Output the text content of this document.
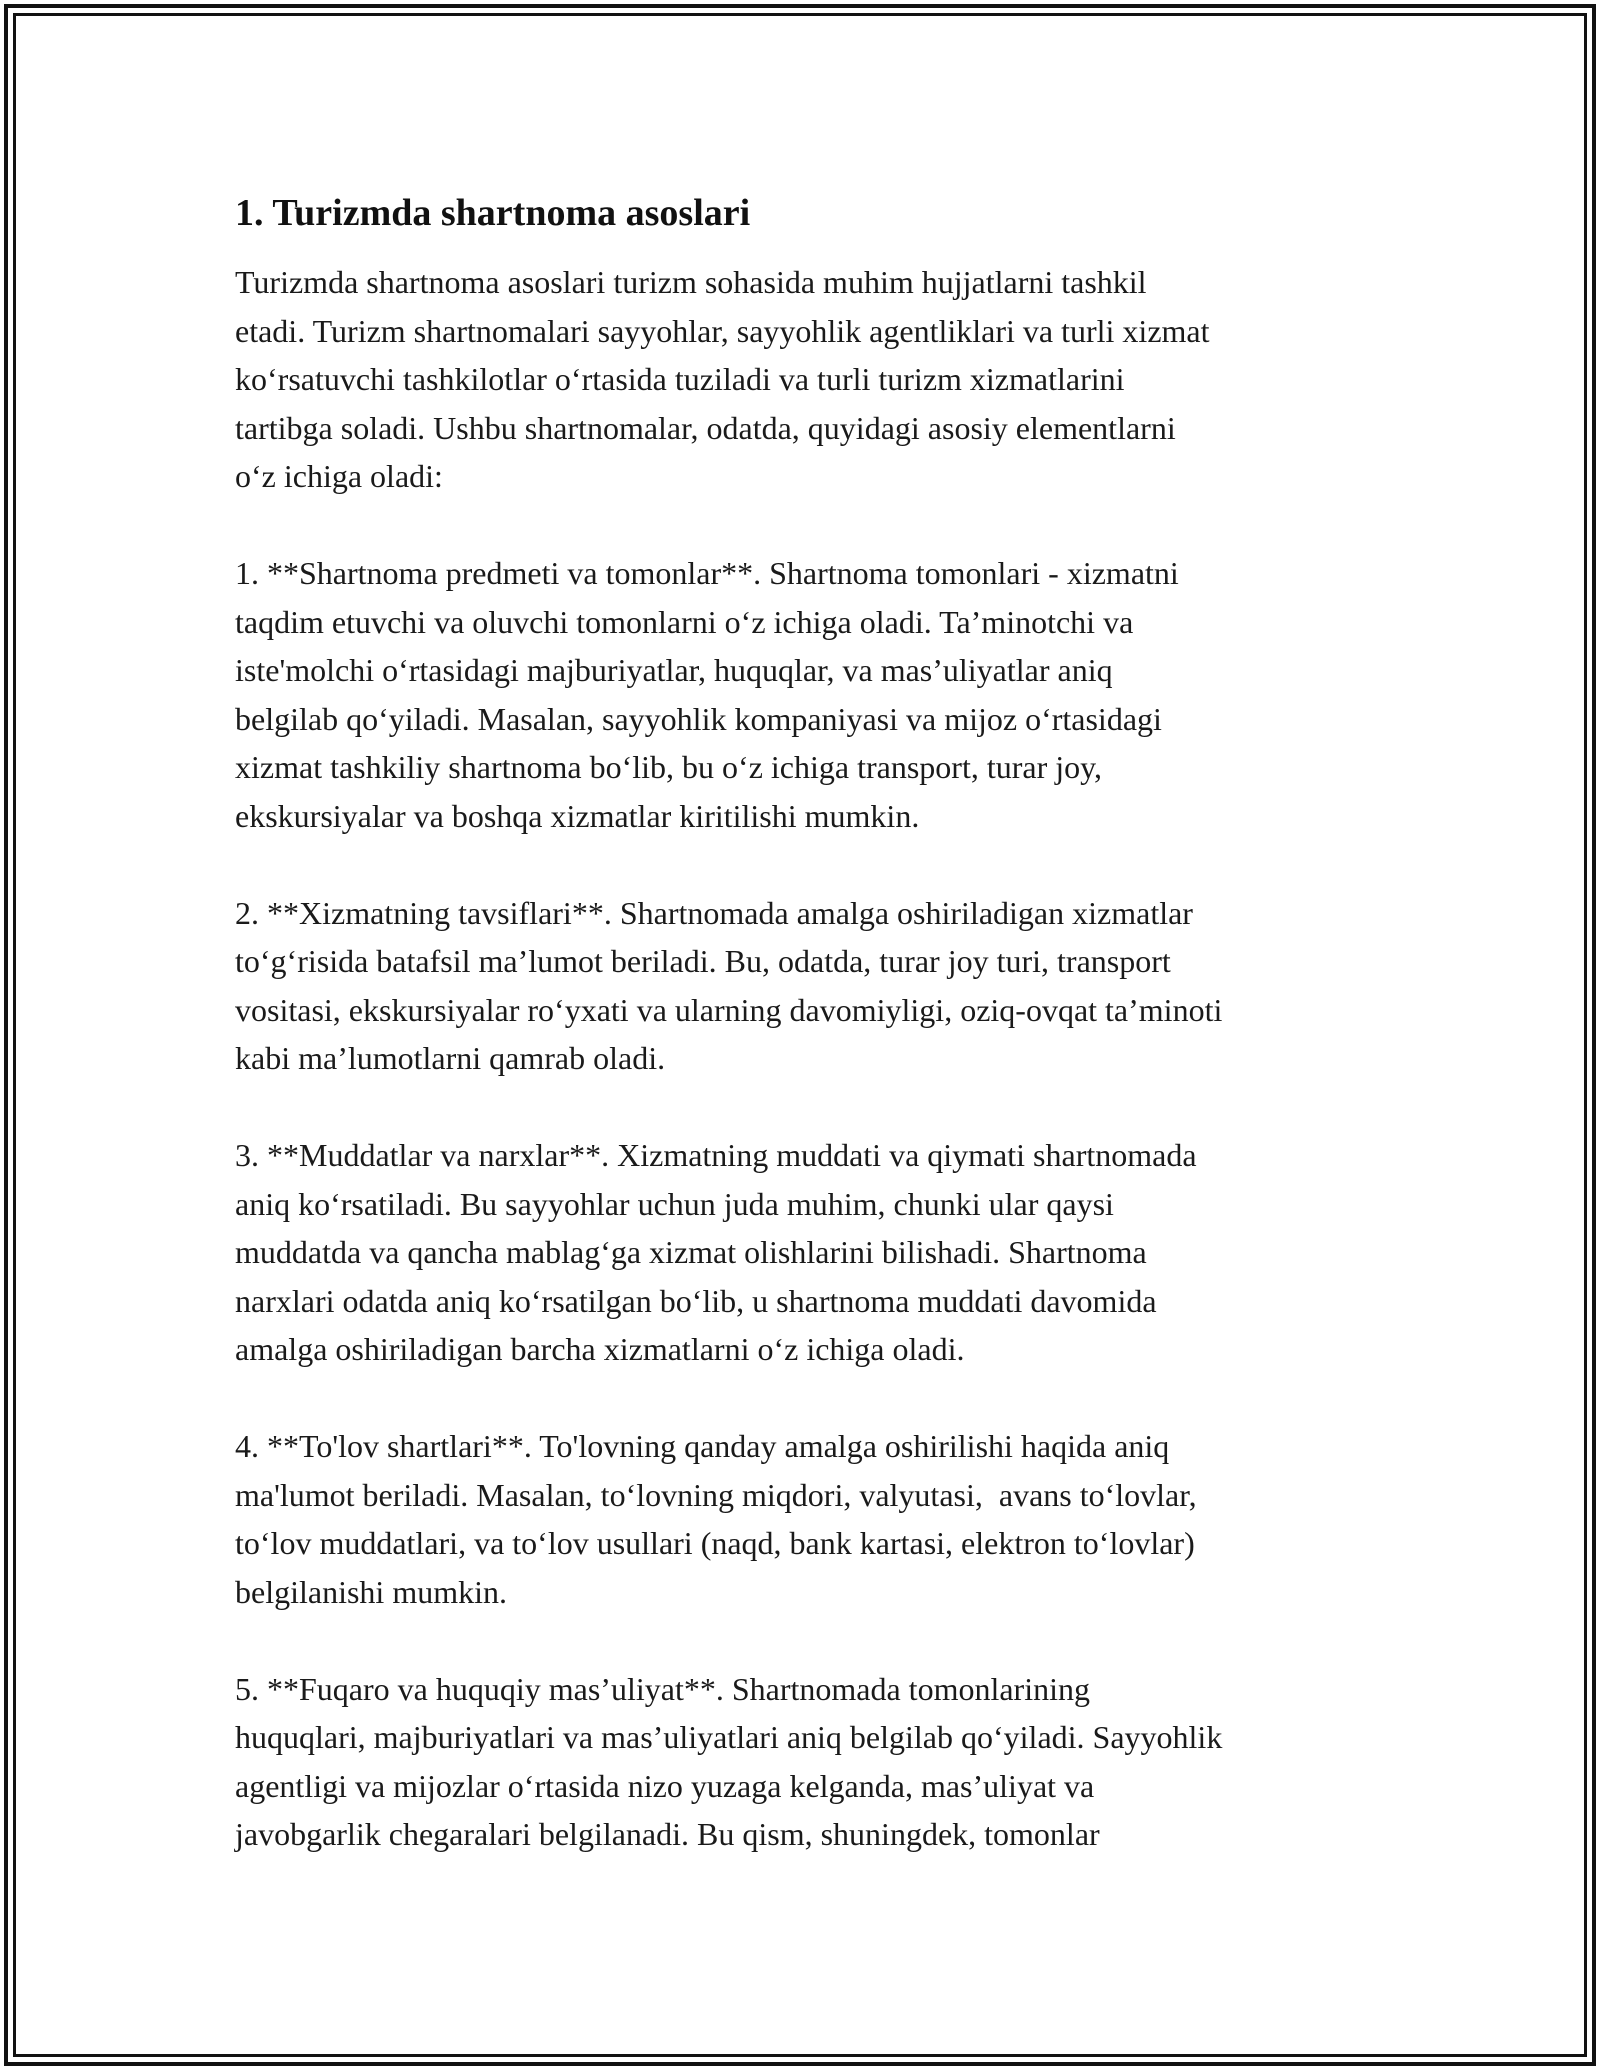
1. Turizmda shartnoma asoslari

Turizmda shartnoma asoslari turizm sohasida muhim hujjatlarni tashkil
etadi. Turizm shartnomalari sayyohlar, sayyohlik agentliklari va turli xizmat
ko‘rsatuvchi tashkilotlar o‘rtasida tuziladi va turli turizm xizmatlarini
tartibga soladi. Ushbu shartnomalar, odatda, quyidagi asosiy elementlarni
o‘z ichiga oladi:

1. **Shartnoma predmeti va tomonlar**. Shartnoma tomonlari - xizmatni
taqdim etuvchi va oluvchi tomonlarni o‘z ichiga oladi. Ta’minotchi va
iste'molchi o‘rtasidagi majburiyatlar, huquqlar, va mas’uliyatlar aniq
belgilab qo‘yiladi. Masalan, sayyohlik kompaniyasi va mijoz o‘rtasidagi
xizmat tashkiliy shartnoma bo‘lib, bu o‘z ichiga transport, turar joy,
ekskursiyalar va boshqa xizmatlar kiritilishi mumkin.

2. **Xizmatning tavsiflari**. Shartnomada amalga oshiriladigan xizmatlar
to‘g‘risida batafsil ma’lumot beriladi. Bu, odatda, turar joy turi, transport
vositasi, ekskursiyalar ro‘yxati va ularning davomiyligi, oziq-ovqat ta’minoti
kabi ma’lumotlarni qamrab oladi.

3. **Muddatlar va narxlar**. Xizmatning muddati va qiymati shartnomada
aniq ko‘rsatiladi. Bu sayyohlar uchun juda muhim, chunki ular qaysi
muddatda va qancha mablag‘ga xizmat olishlarini bilishadi. Shartnoma
narxlari odatda aniq ko‘rsatilgan bo‘lib, u shartnoma muddati davomida
amalga oshiriladigan barcha xizmatlarni o‘z ichiga oladi.

4. **To'lov shartlari**. To'lovning qanday amalga oshirilishi haqida aniq
ma'lumot beriladi. Masalan, to‘lovning miqdori, valyutasi,  avans to‘lovlar,
to‘lov muddatlari, va to‘lov usullari (naqd, bank kartasi, elektron to‘lovlar)
belgilanishi mumkin.

5. **Fuqaro va huquqiy mas’uliyat**. Shartnomada tomonlarining
huquqlari, majburiyatlari va mas’uliyatlari aniq belgilab qo‘yiladi. Sayyohlik
agentligi va mijozlar o‘rtasida nizo yuzaga kelganda, mas’uliyat va
javobgarlik chegaralari belgilanadi. Bu qism, shuningdek, tomonlar
